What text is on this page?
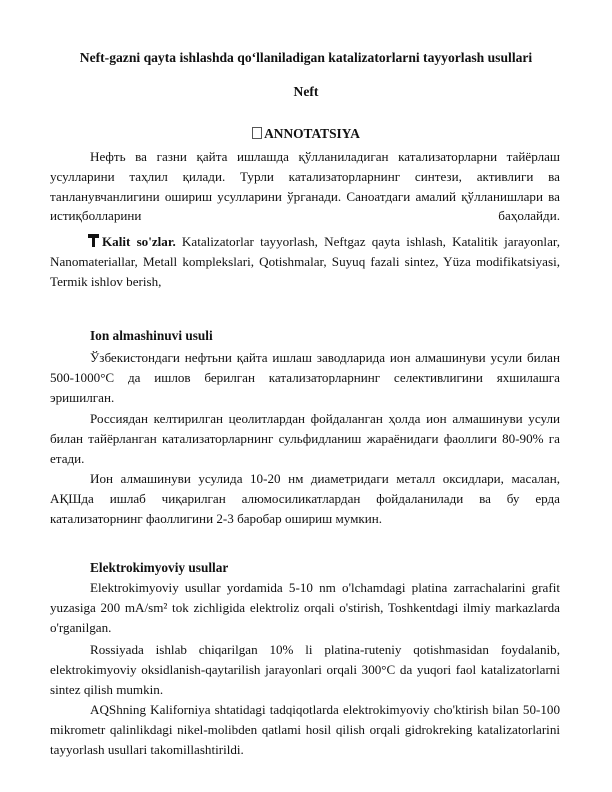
Neft-gazni qayta ishlashda qo‘llaniladigan katalizatorlarni tayyorlash usullari
Neft
ANNOTATSIYA

Нефть ва газни қайта ишлашда қўлланиладиган катализаторларни тайёрлаш усулларини таҳлил қилади. Турли катализаторларнинг синтези, активлиги ва танланувчанлигини ошириш усулларини ўрганади. Саноатдаги амалий қўлланишлари ва истиқболларини баҳолайди.

Kalit so'zlar. Katalizatorlar tayyorlash, Neftgaz qayta ishlash, Katalitik jarayonlar, Nanomateriallar, Metall komplekslari, Qotishmalar, Suyuq fazali sintez, Yüza modifikatsiyasi, Termik ishlov berish,

Ion almashinuvi usuli

Ўзбекистондаги нефтьни қайта ишлаш заводларида ион алмашинуви усули билан 500-1000°С да ишлов берилган катализаторларнинг селективлигини яхшилашга эришилган.

Россиядан келтирилган цеолитлардан фойдаланган ҳолда ион алмашинуви усули билан тайёрланган катализаторларнинг сульфидланиш жараёнидаги фаоллиги 80-90% га етади.

Ион алмашинуви усулида 10-20 нм диаметридаги металл оксидлари, масалан, АҚШда ишлаб чиқарилган алюмосиликатлардан фойдаланилади ва бу ерда катализаторнинг фаоллигини 2-3 баробар ошириш мумкин.

Elektrokimyoviy usullar

Elektrokimyoviy usullar yordamida 5-10 nm o'lchamdagi platina zarrachalarini grafit yuzasiga 200 mA/sm² tok zichligida elektroliz orqali o'stirish, Toshkentdagi ilmiy markazlarda o'rganilgan.

Rossiyada ishlab chiqarilgan 10% li platina-ruteniy qotishmasidan foydalanib, elektrokimyoviy oksidlanish-qaytarilish jarayonlari orqali 300°C da yuqori faol katalizatorlarni sintez qilish mumkin.

AQShning Kaliforniya shtatidagi tadqiqotlarda elektrokimyoviy cho'ktirish bilan 50-100 mikrometr qalinlikdagi nikel-molibden qatlami hosil qilish orqali gidrokreking katalizatorlarini tayyorlash usullari takomillashtirildi.
